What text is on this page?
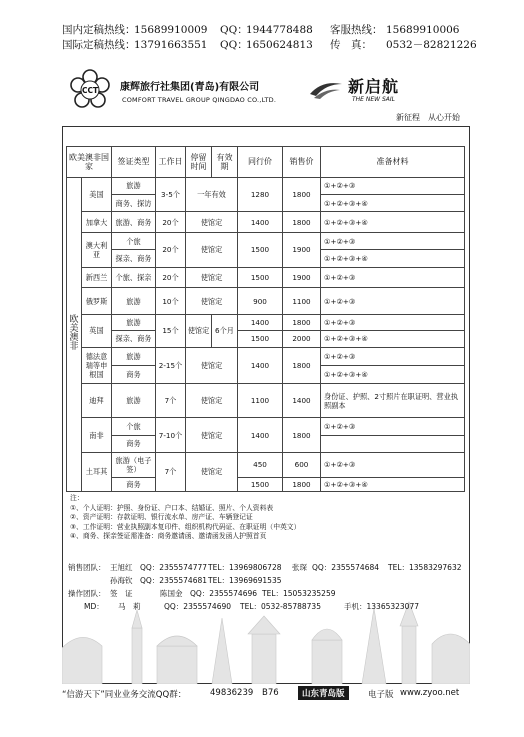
国内定稿热线：
15689910009 QQ：
1944778488 客服热线： 15689910006
国际定稿热线：
13791663551 QQ：
1650624813 传　真： 0532－82821226
CCT 康辉旅行社集团(青岛)有限公司
COMFORT TRAVEL GROUP QINGDAO CO.,LTD.
新启航
THE NEW SAIL
新征程　从心开始
欧美澳非国家		签证类型	工作日	停留时间	有效期	同行价	销售价	准备材料
欧美澳非	美国	旅游	3-5个	一年有效		1280	1800	①+②+③
		商务、探访						①+②+③+④
	加拿大	旅游、商务	20个	使馆定		1400	1800	①+②+③+④
	澳大利亚	个旅	20个	使馆定		1500	1900	①+②+③
		探亲、商务						①+②+③+④
	新西兰	个旅、探亲	20个	使馆定		1500	1900	①+②+③
	俄罗斯	旅游	10个	使馆定		900	1100	①+②+③
	英国	旅游	15个	使馆定	6个月	1400	1800	①+②+③
		探亲、商务				1500	2000	①+②+③+④
	德法意瑞等申根国	旅游	2-15个	使馆定		1400	1800	①+②+③
		商务						①+②+③+④
	迪拜	旅游	7个	使馆定		1100	1400	身份证、护照、2寸照片在职证明、营业执照副本
	南非	个旅	7-10个	使馆定		1400	1800	①+②+③
		商务						
	土耳其	旅游（电子签）	7个	使馆定		450	600	①+②+③
		商务				1500	1800	①+②+③+④
注：
①、个人证明：护照、身份证、户口本、结婚证、照片、个人资料表
②、资产证明：存款证明、银行流水单、房产证、车辆登记证
③、工作证明：营业执照副本复印件、组织机构代码证、在职证明（中英文）
④、商务、探亲签证需准备：商务邀请函、邀请函发函人护照首页
销售团队： 王旭红 QQ：2355574777 TEL：13969806728 张琛 QQ：2355574684 TEL：13583297632
孙海钦 QQ：2355574681 TEL：13969691535
操作团队： 签　证	陈国金 QQ：2355574696 TEL：15053235259
MD： 马　莉	QQ：2355574690 TEL：0532-85788735	手机：13365323077
“信游天下”同业业务交流QQ群：	49836239 B76	山东青岛版	电子版 www.zyoo.net
